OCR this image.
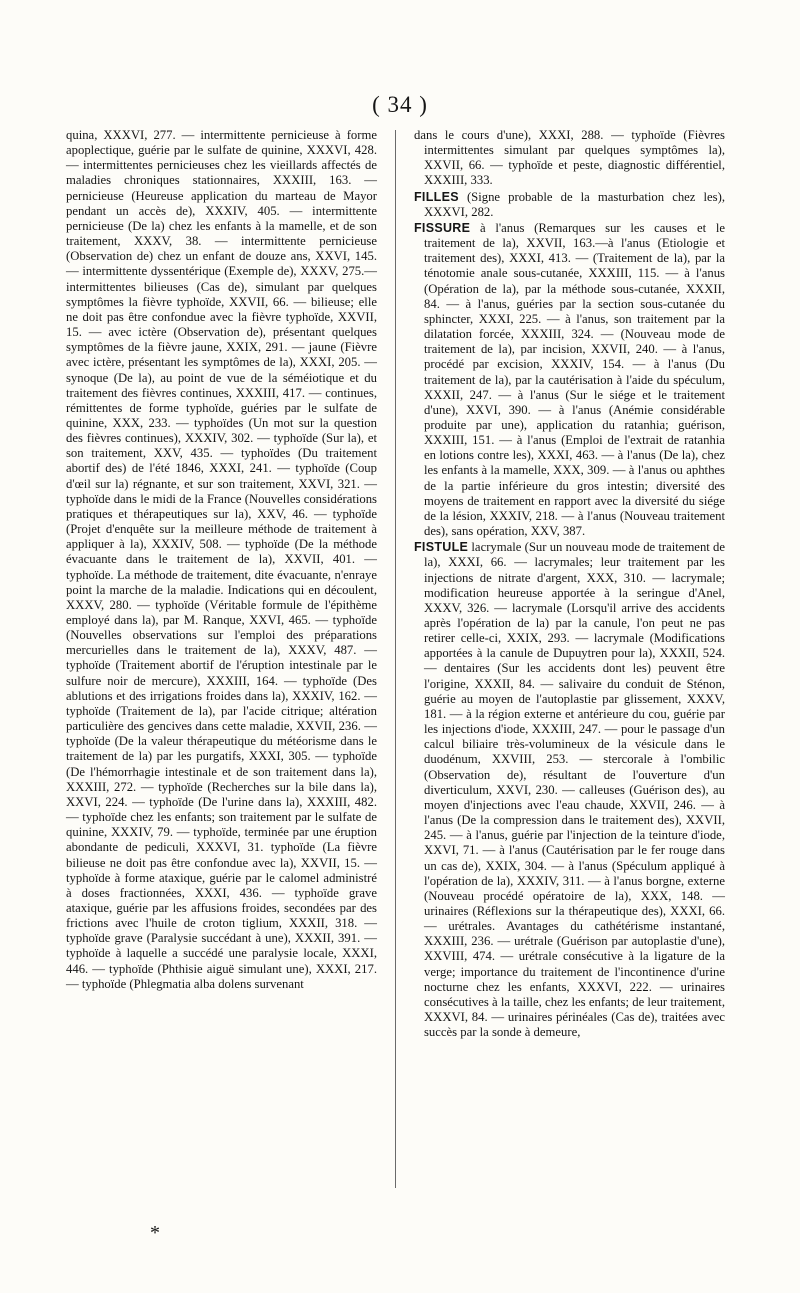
( 34 )

quina, XXXVI, 277. — intermittente pernicieuse à forme apoplectique, guérie par le sulfate de quinine, XXXVI, 428.— intermittentes pernicieuses chez les vieillards affectés de maladies chroniques stationnaires, XXXIII, 163. — pernicieuse (Heureuse application du marteau de Mayor pendant un accès de), XXXIV, 405. — intermittente pernicieuse (De la) chez les enfants à la mamelle, et de son traitement, XXXV, 38. — intermittente pernicieuse (Observation de) chez un enfant de douze ans, XXVI, 145. — intermittente dyssentérique (Exemple de), XXXV, 275.—intermittentes bilieuses (Cas de), simulant par quelques symptômes la fièvre typhoïde, XXVII, 66. — bilieuse; elle ne doit pas être confondue avec la fièvre typhoïde, XXVII, 15. — avec ictère (Observation de), présentant quelques symptômes de la fièvre jaune, XXIX, 291. — jaune (Fièvre avec ictère, présentant les symptômes de la), XXXI, 205. — synoque (De la), au point de vue de la séméiotique et du traitement des fièvres continues, XXXIII, 417. — continues, rémittentes de forme typhoïde, guéries par le sulfate de quinine, XXX, 233. — typhoïdes (Un mot sur la question des fièvres continues), XXXIV, 302. — typhoïde (Sur la), et son traitement, XXV, 435. — typhoïdes (Du traitement abortif des) de l'été 1846, XXXI, 241. — typhoïde (Coup d'œil sur la) régnante, et sur son traitement, XXVI, 321. — typhoïde dans le midi de la France (Nouvelles considérations pratiques et thérapeutiques sur la), XXV, 46. — typhoïde (Projet d'enquête sur la meilleure méthode de traitement à appliquer à la), XXXIV, 508. — typhoïde (De la méthode évacuante dans le traitement de la), XXVII, 401. — typhoïde. La méthode de traitement, dite évacuante, n'enraye point la marche de la maladie. Indications qui en découlent, XXXV, 280. — typhoïde (Véritable formule de l'épithème employé dans la), par M. Ranque, XXVI, 465. — typhoïde (Nouvelles observations sur l'emploi des préparations mercurielles dans le traitement de la), XXXV, 487. — typhoïde (Traitement abortif de l'éruption intestinale par le sulfure noir de mercure), XXXIII, 164. — typhoïde (Des ablutions et des irrigations froides dans la), XXXIV, 162. — typhoïde (Traitement de la), par l'acide citrique; altération particulière des gencives dans cette maladie, XXVII, 236. — typhoïde (De la valeur thérapeutique du météorisme dans le traitement de la) par les purgatifs, XXXI, 305. — typhoïde (De l'hémorrhagie intestinale et de son traitement dans la), XXXIII, 272. — typhoïde (Recherches sur la bile dans la), XXVI, 224. — typhoïde (De l'urine dans la), XXXIII, 482.— typhoïde chez les enfants; son traitement par le sulfate de quinine, XXXIV, 79. — typhoïde, terminée par une éruption abondante de pediculi, XXXVI, 31. typhoïde (La fièvre bilieuse ne doit pas être confondue avec la), XXVII, 15. — typhoïde à forme ataxique, guérie par le calomel administré à doses fractionnées, XXXI, 436. — typhoïde grave ataxique, guérie par les affusions froides, secondées par des frictions avec l'huile de croton tiglium, XXXII, 318. —typhoïde grave (Paralysie succédant à une), XXXII, 391. — typhoïde à laquelle a succédé une paralysie locale, XXXI, 446. — typhoïde (Phthisie aiguë simulant une), XXXI, 217. — typhoïde (Phlegmatia alba dolens survenant

dans le cours d'une), XXXI, 288. — typhoïde (Fièvres intermittentes simulant par quelques symptômes la), XXVII, 66. — typhoïde et peste, diagnostic différentiel, XXXIII, 333.

FILLES (Signe probable de la masturbation chez les), XXXVI, 282.

FISSURE à l'anus (Remarques sur les causes et le traitement de la), XXVII, 163.—à l'anus (Etiologie et traitement des), XXXI, 413. — (Traitement de la), par la ténotomie anale sous-cutanée, XXXIII, 115. — à l'anus (Opération de la), par la méthode sous-cutanée, XXXII, 84. — à l'anus, guéries par la section sous-cutanée du sphincter, XXXI, 225. — à l'anus, son traitement par la dilatation forcée, XXXIII, 324. — (Nouveau mode de traitement de la), par incision, XXVII, 240. — à l'anus, procédé par excision, XXXIV, 154. — à l'anus (Du traitement de la), par la cautérisation à l'aide du spéculum, XXXII, 247. — à l'anus (Sur le siége et le traitement d'une), XXVI, 390. — à l'anus (Anémie considérable produite par une), application du ratanhia; guérison, XXXIII, 151. — à l'anus (Emploi de l'extrait de ratanhia en lotions contre les), XXXI, 463. — à l'anus (De la), chez les enfants à la mamelle, XXX, 309. — à l'anus ou aphthes de la partie inférieure du gros intestin; diversité des moyens de traitement en rapport avec la diversité du siége de la lésion, XXXIV, 218. — à l'anus (Nouveau traitement des), sans opération, XXV, 387.

FISTULE lacrymale (Sur un nouveau mode de traitement de la), XXXI, 66. — lacrymales; leur traitement par les injections de nitrate d'argent, XXX, 310. — lacrymale; modification heureuse apportée à la seringue d'Anel, XXXV, 326. — lacrymale (Lorsqu'il arrive des accidents après l'opération de la) par la canule, l'on peut ne pas retirer celle-ci, XXIX, 293. — lacrymale (Modifications apportées à la canule de Dupuytren pour la), XXXII, 524. — dentaires (Sur les accidents dont les) peuvent être l'origine, XXXII, 84. — salivaire du conduit de Sténon, guérie au moyen de l'autoplastie par glissement, XXXV, 181. — à la région externe et antérieure du cou, guérie par les injections d'iode, XXXIII, 247. — pour le passage d'un calcul biliaire très-volumineux de la vésicule dans le duodénum, XXVIII, 253. — stercorale à l'ombilic (Observation de), résultant de l'ouverture d'un diverticulum, XXVI, 230. — calleuses (Guérison des), au moyen d'injections avec l'eau chaude, XXVII, 246. — à l'anus (De la compression dans le traitement des), XXVII, 245. — à l'anus, guérie par l'injection de la teinture d'iode, XXVI, 71. — à l'anus (Cautérisation par le fer rouge dans un cas de), XXIX, 304. — à l'anus (Spéculum appliqué à l'opération de la), XXXIV, 311. — à l'anus borgne, externe (Nouveau procédé opératoire de la), XXX, 148. — urinaires (Réflexions sur la thérapeutique des), XXXI, 66. — urétrales. Avantages du cathétérisme instantané, XXXIII, 236. — urétrale (Guérison par autoplastie d'une), XXVIII, 474. — urétrale consécutive à la ligature de la verge; importance du traitement de l'incontinence d'urine nocturne chez les enfants, XXXVI, 222. — urinaires consécutives à la taille, chez les enfants; de leur traitement, XXXVI, 84. — urinaires périnéales (Cas de), traitées avec succès par la sonde à demeure,

*
